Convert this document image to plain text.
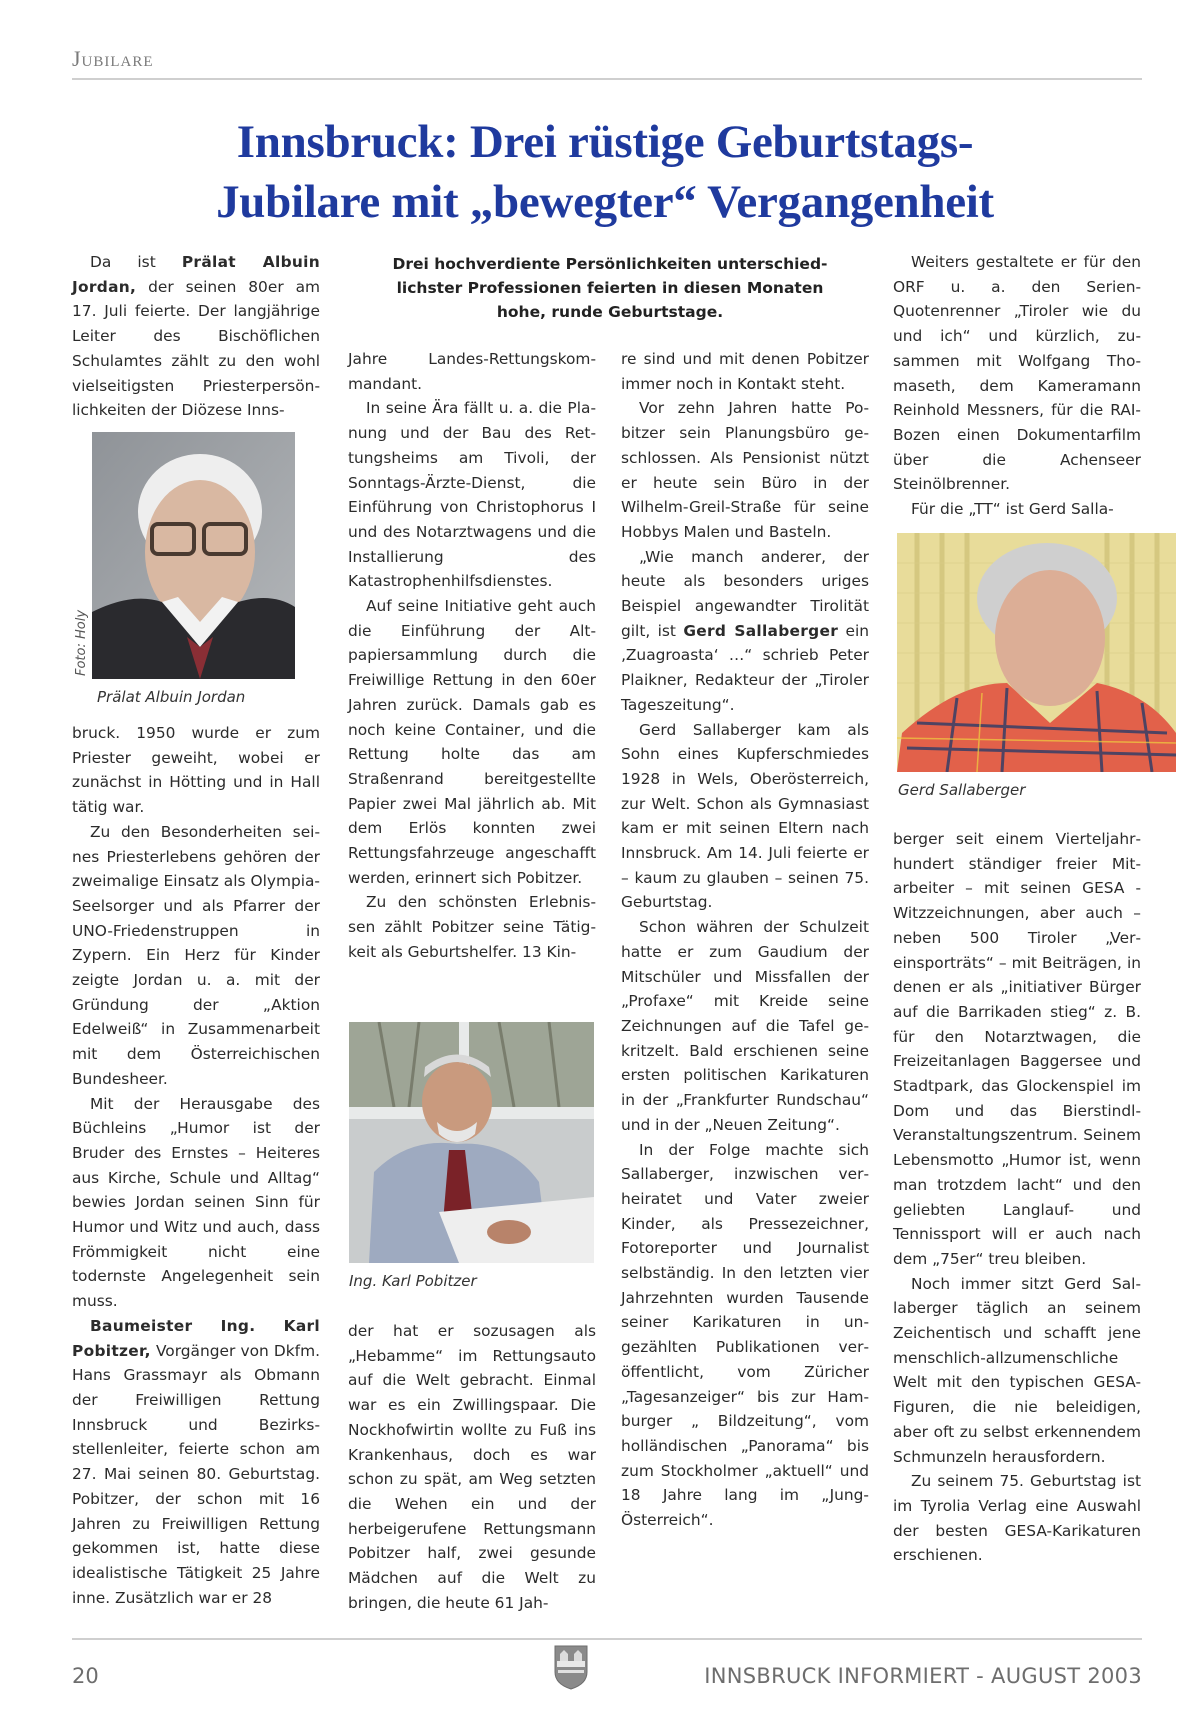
Jubilare
Innsbruck: Drei rüstige Geburtstags-
Jubilare mit „bewegter“ Vergangenheit
Drei hochverdiente Persönlichkeiten unterschied-
lichster Professionen feierten in diesen Monaten
hohe, runde Geburtstage.

Da ist Prälat Albuin Jordan, der seinen 80er am 17. Juli feierte. Der langjährige Leiter des Bischöflichen Schulamtes zählt zu den wohl vielseitigsten Priesterpersönlichkeiten der Diözese Inns-

Foto: Holy
Prälat Albuin Jordan

bruck. 1950 wurde er zum Priester geweiht, wobei er zunächst in Hötting und in Hall tätig war.

Zu den Besonderheiten seines Priesterlebens gehören der zweimalige Einsatz als Olympia-Seelsorger und als Pfarrer der UNO-Friedenstruppen in Zypern. Ein Herz für Kinder zeigte Jordan u. a. mit der Gründung der „Aktion Edelweiß“ in Zusammenarbeit mit dem Österreichischen Bundesheer.

Mit der Herausgabe des Büchleins „Humor ist der Bruder des Ernstes – Heiteres aus Kirche, Schule und Alltag“ bewies Jordan seinen Sinn für Humor und Witz und auch, dass Frömmigkeit nicht eine todernste Angelegenheit sein muss.

Baumeister Ing. Karl Pobitzer, Vorgänger von Dkfm. Hans Grassmayr als Obmann der Freiwilligen Rettung Innsbruck und Bezirksstellenleiter, feierte schon am 27. Mai seinen 80. Geburtstag. Pobitzer, der schon mit 16 Jahren zu Freiwilligen Rettung gekommen ist, hatte diese idealistische Tätigkeit 25 Jahre inne. Zusätzlich war er 28

Jahre Landes-Rettungskommandant.

In seine Ära fällt u. a. die Planung und der Bau des Rettungsheims am Tivoli, der Sonntags-Ärzte-Dienst, die Einführung von Christophorus I und des Notarztwagens und die Installierung des Katastrophenhilfsdienstes.

Auf seine Initiative geht auch die Einführung der Altpapiersammlung durch die Freiwillige Rettung in den 60er Jahren zurück. Damals gab es noch keine Container, und die Rettung holte das am Straßenrand bereitgestellte Papier zwei Mal jährlich ab. Mit dem Erlös konnten zwei Rettungsfahrzeuge angeschafft werden, erinnert sich Pobitzer.

Zu den schönsten Erlebnissen zählt Pobitzer seine Tätigkeit als Geburtshelfer. 13 Kin-

Ing. Karl Pobitzer

der hat er sozusagen als „Hebamme“ im Rettungsauto auf die Welt gebracht. Einmal war es ein Zwillingspaar. Die Nockhofwirtin wollte zu Fuß ins Krankenhaus, doch es war schon zu spät, am Weg setzten die Wehen ein und der herbeigerufene Rettungsmann Pobitzer half, zwei gesunde Mädchen auf die Welt zu bringen, die heute 61 Jah-

re sind und mit denen Pobitzer immer noch in Kontakt steht.

Vor zehn Jahren hatte Pobitzer sein Planungsbüro geschlossen. Als Pensionist nützt er heute sein Büro in der Wilhelm-Greil-Straße für seine Hobbys Malen und Basteln.

„Wie manch anderer, der heute als besonders uriges Beispiel angewandter Tirolität gilt, ist Gerd Sallaberger ein ‚Zuagroasta‘ …“ schrieb Peter Plaikner, Redakteur der „Tiroler Tageszeitung“.

Gerd Sallaberger kam als Sohn eines Kupferschmiedes 1928 in Wels, Oberösterreich, zur Welt. Schon als Gymnasiast kam er mit seinen Eltern nach Innsbruck. Am 14. Juli feierte er – kaum zu glauben – seinen 75. Geburtstag.

Schon währen der Schulzeit hatte er zum Gaudium der Mitschüler und Missfallen der „Profaxe“ mit Kreide seine Zeichnungen auf die Tafel gekritzelt. Bald erschienen seine ersten politischen Karikaturen in der „Frankfurter Rundschau“ und in der „Neuen Zeitung“.

In der Folge machte sich Sallaberger, inzwischen verheiratet und Vater zweier Kinder, als Pressezeichner, Fotoreporter und Journalist selbständig. In den letzten vier Jahrzehnten wurden Tausende seiner Karikaturen in ungezählten Publikationen veröffentlicht, vom Züricher „Tagesanzeiger“ bis zur Hamburger „ Bildzeitung“, vom holländischen „Panorama“ bis zum Stockholmer „aktuell“ und 18 Jahre lang im „Jung-Österreich“.

Weiters gestaltete er für den ORF u. a. den Serien-Quotenrenner „Tiroler wie du und ich“ und kürzlich, zusammen mit Wolfgang Thomaseth, dem Kameramann Reinhold Messners, für die RAI-Bozen einen Dokumentarfilm über die Achenseer Steinölbrenner.

Für die „TT“ ist Gerd Salla-

Gerd Sallaberger

berger seit einem Vierteljahrhundert ständiger freier Mitarbeiter – mit seinen GESA - Witzzeichnungen, aber auch – neben 500 Tiroler „Vereinsporträts“ – mit Beiträgen, in denen er als „initiativer Bürger auf die Barrikaden stieg“ z. B. für den Notarztwagen, die Freizeitanlagen Baggersee und Stadtpark, das Glockenspiel im Dom und das Bierstindl-Veranstaltungszentrum. Seinem Lebensmotto „Humor ist, wenn man trotzdem lacht“ und den geliebten Langlauf- und Tennissport will er auch nach dem „75er“ treu bleiben.

Noch immer sitzt Gerd Sallaberger täglich an seinem Zeichentisch und schafft jene menschlich-allzumenschliche Welt mit den typischen GESA-Figuren, die nie beleidigen, aber oft zu selbst erkennendem Schmunzeln herausfordern.

Zu seinem 75. Geburtstag ist im Tyrolia Verlag eine Auswahl der besten GESA-Karikaturen erschienen.

20	INNSBRUCK INFORMIERT - AUGUST 2003
